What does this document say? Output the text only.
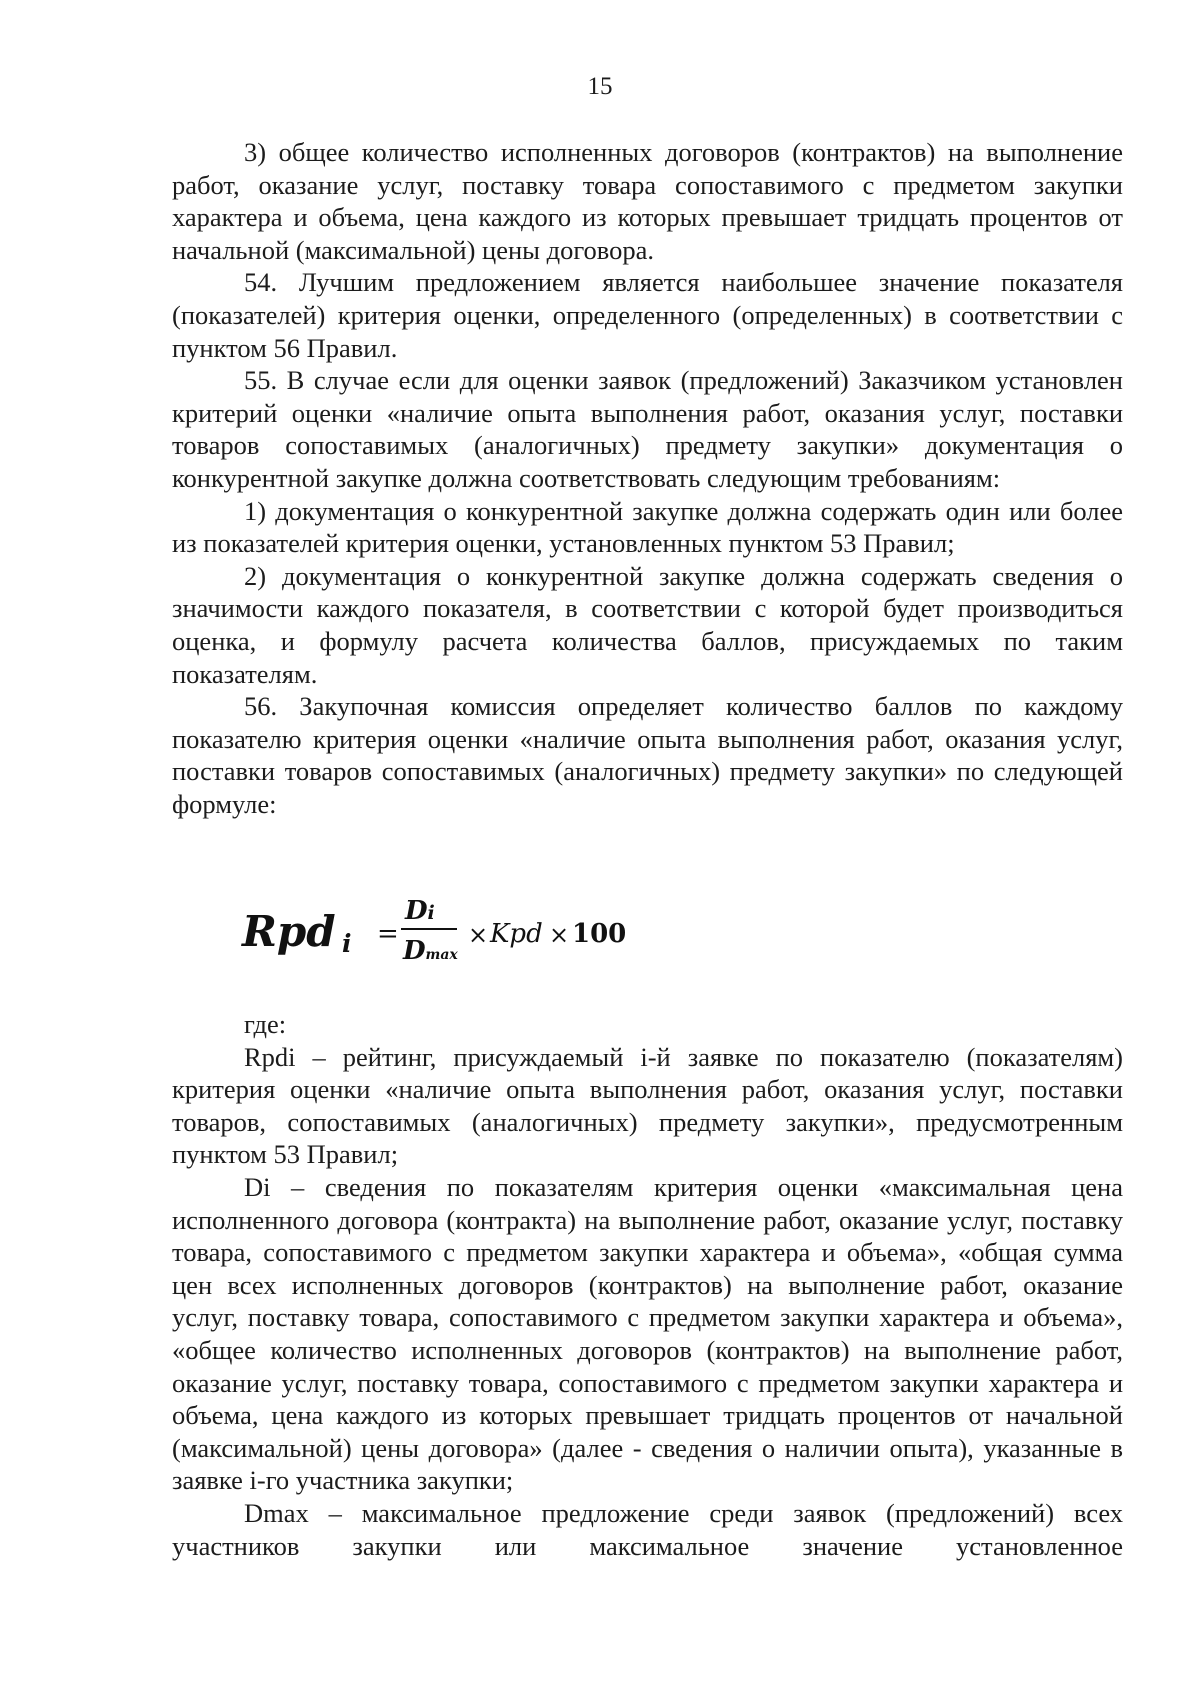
15

3) общее количество исполненных договоров (контрактов) на выполнение работ, оказание услуг, поставку товара сопоставимого с предметом закупки характера и объема, цена каждого из которых превышает тридцать процентов от начальной (максимальной) цены договора.

54. Лучшим предложением является наибольшее значение показателя (показателей) критерия оценки, определенного (определенных) в соответствии с пунктом 56 Правил.

55. В случае если для оценки заявок (предложений) Заказчиком установлен критерий оценки «наличие опыта выполнения работ, оказания услуг, поставки товаров сопоставимых (аналогичных) предмету закупки» документация о конкурентной закупке должна соответствовать следующим требованиям:

1) документация о конкурентной закупке должна содержать один или более из показателей критерия оценки, установленных пунктом 53 Правил;

2) документация о конкурентной закупке должна содержать сведения о значимости каждого показателя, в соответствии с которой будет производиться оценка, и формулу расчета количества баллов, присуждаемых по таким показателям.

56. Закупочная комиссия определяет количество баллов по каждому показателю критерия оценки «наличие опыта выполнения работ, оказания услуг, поставки товаров сопоставимых (аналогичных) предмету закупки» по следующей формуле:

Rpd i =
Di
Dmax
× Kpd × 100

где:

Rpdi – рейтинг, присуждаемый i-й заявке по показателю (показателям) критерия оценки «наличие опыта выполнения работ, оказания услуг, поставки товаров, сопоставимых (аналогичных) предмету закупки», предусмотренным пунктом 53 Правил;

Di – сведения по показателям критерия оценки «максимальная цена исполненного договора (контракта) на выполнение работ, оказание услуг, поставку товара, сопоставимого с предметом закупки характера и объема», «общая сумма цен всех исполненных договоров (контрактов) на выполнение работ, оказание услуг, поставку товара, сопоставимого с предметом закупки характера и объема», «общее количество исполненных договоров (контрактов) на выполнение работ, оказание услуг, поставку товара, сопоставимого с предметом закупки характера и объема, цена каждого из которых превышает тридцать процентов от начальной (максимальной) цены договора» (далее - сведения о наличии опыта), указанные в заявке i-го участника закупки;

Dmax – максимальное предложение среди заявок (предложений) всех участников закупки или максимальное значение установленное
